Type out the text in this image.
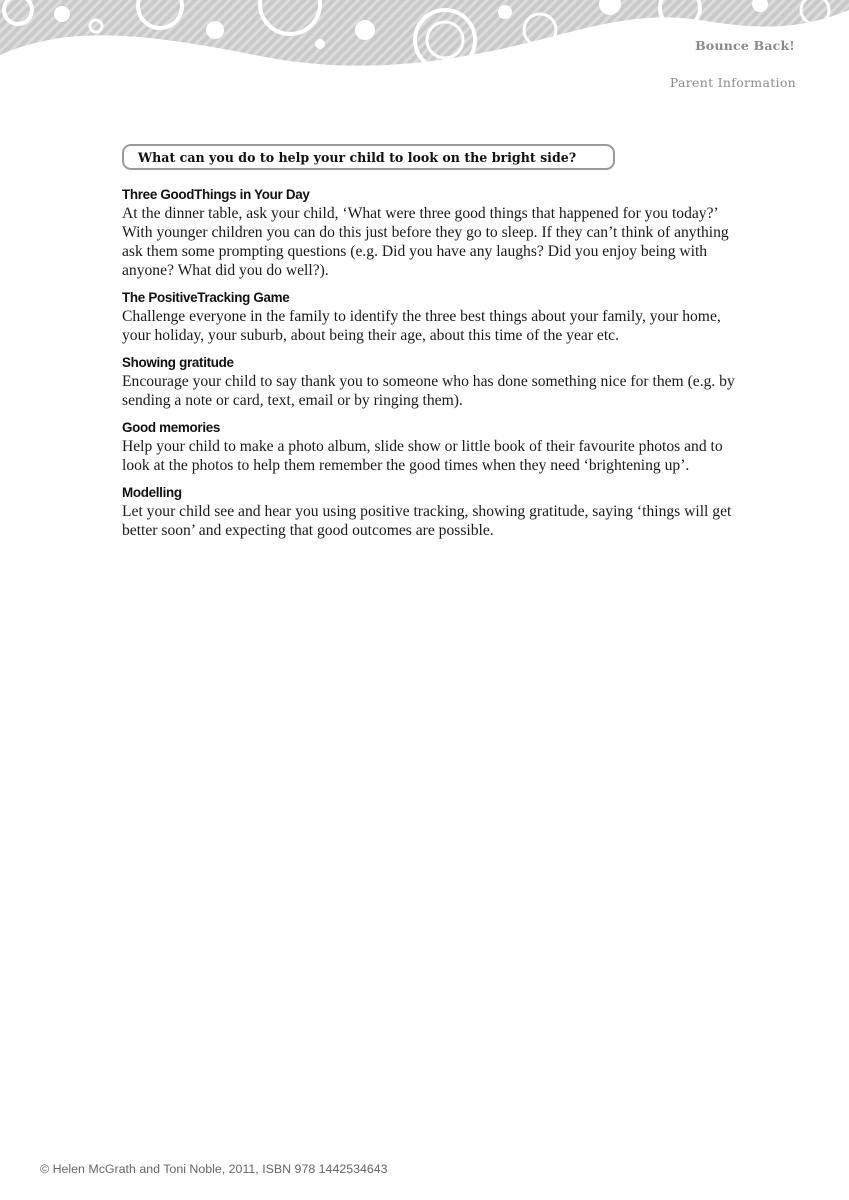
Bounce Back!
Parent Information
What can you do to help your child to look on the bright side?
Three GoodThings in Your Day

At the dinner table, ask your child, ‘What were three good things that happened for you today?’ With younger children you can do this just before they go to sleep. If they can’t think of anything ask them some prompting questions (e.g. Did you have any laughs? Did you enjoy being with anyone? What did you do well?).

The PositiveTracking Game

Challenge everyone in the family to identify the three best things about your family, your home, your holiday, your suburb, about being their age, about this time of the year etc.

Showing gratitude

Encourage your child to say thank you to someone who has done something nice for them (e.g. by sending a note or card, text, email or by ringing them).

Good memories

Help your child to make a photo album, slide show or little book of their favourite photos and to look at the photos to help them remember the good times when they need ‘brightening up’.

Modelling

Let your child see and hear you using positive tracking, showing gratitude, saying ‘things will get better soon’ and expecting that good outcomes are possible.

© Helen McGrath and Toni Noble, 2011, ISBN 978 1442534643
